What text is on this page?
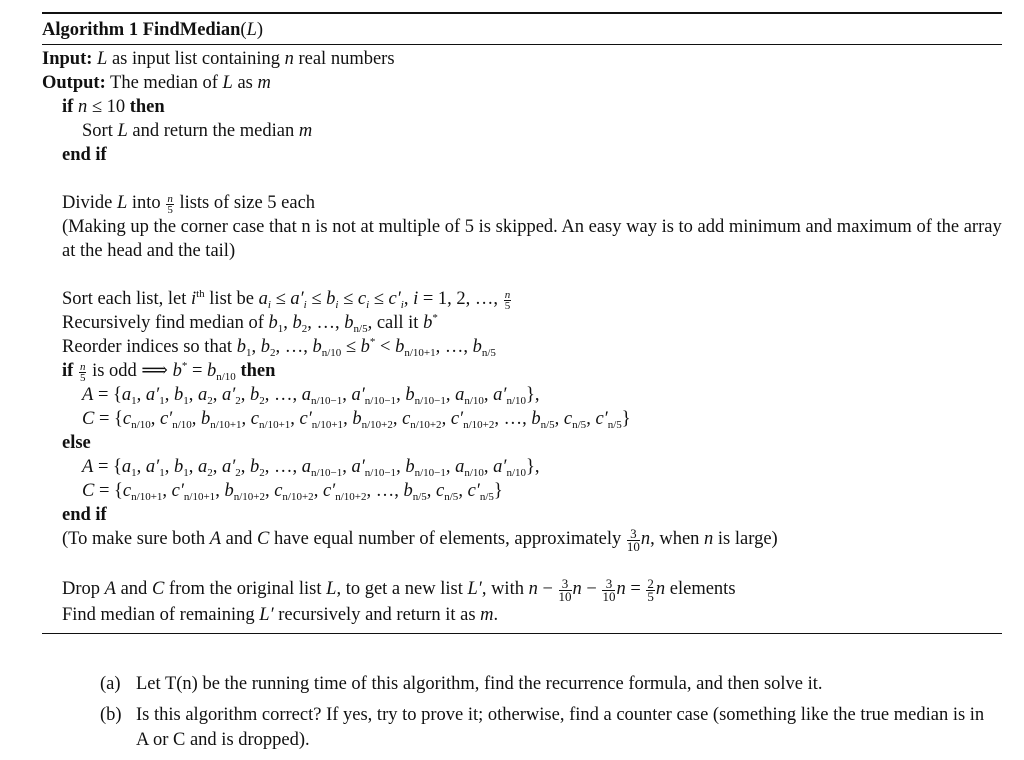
Algorithm 1 FindMedian(L)
Input: L as input list containing n real numbers
Output: The median of L as m
if n ≤ 10 then
Sort L and return the median m
end if
Divide L into $\frac{n}{5}$ lists of size 5 each
(Making up the corner case that n is not at multiple of 5 is skipped. An easy way is to add minimum and maximum of the array at the head and the tail)
Sort each list, let $i^{th}$ list be $a_i \le a'_i \le b_i \le c_i \le c'_i$, i = 1, 2, …, $\frac{n}{5}$
Recursively find median of $b_1$, $b_2$, …, $b_{n/5}$, call it b*
Reorder indices so that $b_1$, $b_2$, …, $b_{n/10} \le b^* < b_{n/10+1}$, …, $b_{n/5}$
if $\frac{n}{5}$ is odd ⟹ $b^* = b_{n/10}$ then
$A = \{a_1$, $a'_1$, $b_1$, $a_2$, $a'_2$, $b_2$, …, $a_{n/10-1}$, $a'_{n/10-1}$, $b_{n/10-1}$, $a_{n/10}$, $a'_{n/10}$},
$C = \{c_{n/10}$, $c'_{n/10}$, $b_{n/10+1}$, $c_{n/10+1}$, $c'_{n/10+1}$, $b_{n/10+2}$, $c_{n/10+2}$, $c'_{n/10+2}$, …, $b_{n/5}$, $c_{n/5}$, $c'_{n/5}$}
else
$A = \{a_1$, $a'_1$, $b_1$, $a_2$, $a'_2$, $b_2$, …, $a_{n/10-1}$, $a'_{n/10-1}$, $b_{n/10-1}$, $a_{n/10}$, $a'_{n/10}$},
$C = \{c_{n/10+1}$, $c'_{n/10+1}$, $b_{n/10+2}$, $c_{n/10+2}$, $c'_{n/10+2}$, …, $b_{n/5}$, $c_{n/5}$, $c'_{n/5}$}
end if
(To make sure both A and C have equal number of elements, approximately $\frac{3}{10} n$, when n is large)
Drop A and C from the original list L, to get a new list L′, with $n - \frac{3}{10}$ $n - \frac{3}{10}$ $n = \frac{2}{5}$ n elements
Find median of remaining L′ recursively and return it as m.
(a) Let T(n) be the running time of this algorithm, find the recurrence formula, and then solve it.
(b) Is this algorithm correct? If yes, try to prove it; otherwise, find a counter case (something like the true median is in A or C and is dropped).
